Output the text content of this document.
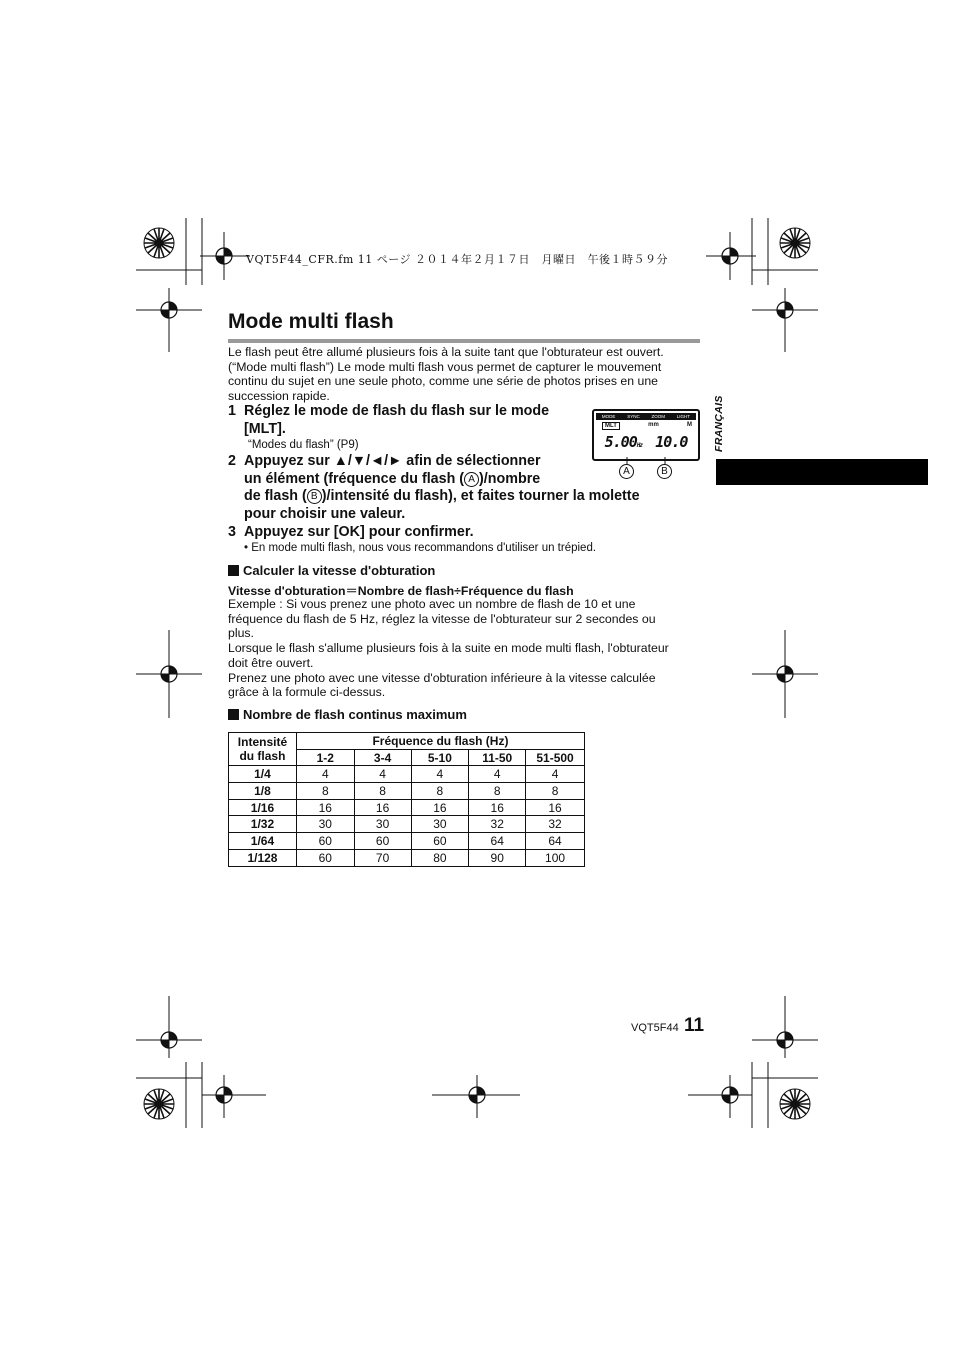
VQT5F44_CFR.fm 11 ページ ２０１４年２月１７日　月曜日　午後１時５９分
Mode multi flash
FRANÇAIS
Le flash peut être allumé plusieurs fois à la suite tant que l'obturateur est ouvert.
(“Mode multi flash”) Le mode multi flash vous permet de capturer le mouvement
continu du sujet en une seule photo, comme une série de photos prises en une
succession rapide.
1 Réglez le mode de flash du flash sur le mode
[MLT].
“Modes du flash” (P9)
2 Appuyez sur ▲/▼/◄/► afin de sélectionner
un élément (fréquence du flash ( A )/nombre
de flash ( B )/intensité du flash), et faites tourner la molette
pour choisir une valeur.
3 Appuyez sur [OK] pour confirmer.
• En mode multi flash, nous vous recommandons d'utiliser un trépied.
MODE	SYNC	ZOOM	LIGHT
MLT	mm	M
5.00Hz 10.0
A	B
Calculer la vitesse d'obturation
Vitesse d'obturation＝Nombre de flash÷Fréquence du flash
Exemple : Si vous prenez une photo avec un nombre de flash de 10 et une
fréquence du flash de 5 Hz, réglez la vitesse de l'obturateur sur 2 secondes ou
plus.
Lorsque le flash s'allume plusieurs fois à la suite en mode multi flash, l'obturateur
doit être ouvert.
Prenez une photo avec une vitesse d'obturation inférieure à la vitesse calculée
grâce à la formule ci-dessus.
Nombre de flash continus maximum
Intensité
du flash	Fréquence du flash (Hz)				
	1-2	3-4	5-10	11-50	51-500
1/4	4	4	4	4	4
1/8	8	8	8	8	8
1/16	16	16	16	16	16
1/32	30	30	30	32	32
1/64	60	60	60	64	64
1/128	60	70	80	90	100
VQT5F44 11
